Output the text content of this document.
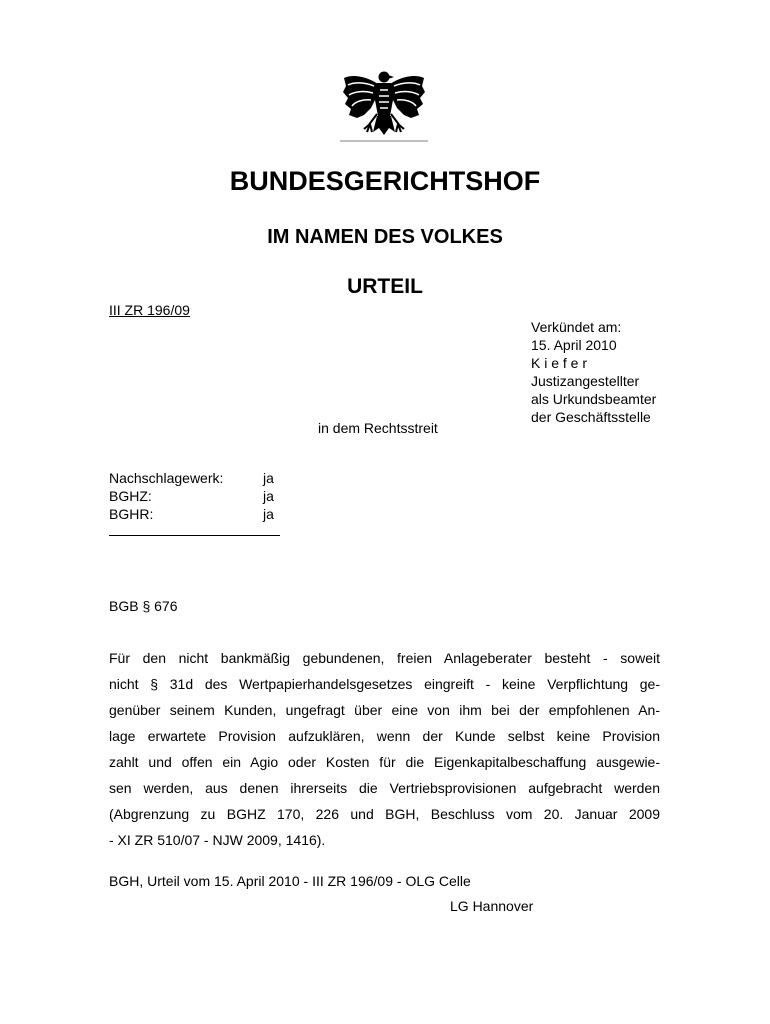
BUNDESGERICHTSHOF
IM NAMEN DES VOLKES
URTEIL
III ZR 196/09
Verkündet am:
15. April 2010
K i e f e r
Justizangestellter
als Urkundsbeamter
der Geschäftsstelle
in dem Rechtsstreit
Nachschlagewerk:	ja
BGHZ:	ja
BGHR:	ja
BGB § 676
Für den nicht bankmäßig gebundenen, freien Anlageberater besteht - soweit
nicht § 31d des Wertpapierhandelsgesetzes eingreift - keine Verpflichtung ge-
genüber seinem Kunden, ungefragt über eine von ihm bei der empfohlenen An-
lage erwartete Provision aufzuklären, wenn der Kunde selbst keine Provision
zahlt und offen ein Agio oder Kosten für die Eigenkapitalbeschaffung ausgewie-
sen werden, aus denen ihrerseits die Vertriebsprovisionen aufgebracht werden
(Abgrenzung zu BGHZ 170, 226 und BGH, Beschluss vom 20. Januar 2009
- XI ZR 510/07 - NJW 2009, 1416).
BGH, Urteil vom 15. April 2010 - III ZR 196/09 - OLG Celle
LG Hannover
